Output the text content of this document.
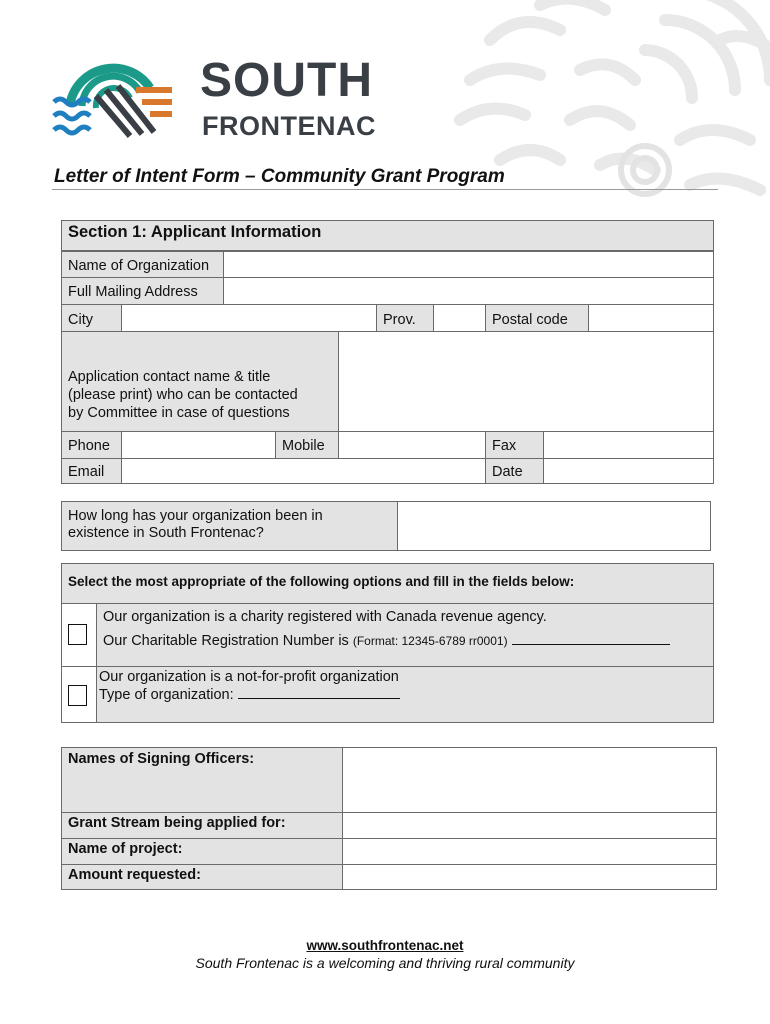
SOUTH
FRONTENAC
Letter of Intent Form – Community Grant Program
Section 1: Applicant Information
Name of Organization
Full Mailing Address
City	Prov.	Postal code
Application contact name & title
(please print) who can be contacted
by Committee in case of questions
Phone	Mobile	Fax
Email	Date
How long has your organization been in
existence in South Frontenac?
Select the most appropriate of the following options and fill in the fields below:
Our organization is a charity registered with Canada revenue agency.
Our Charitable Registration Number is (Format: 12345-6789 rr0001)
Our organization is a not-for-profit organization
Type of organization:
Names of Signing Officers:
Grant Stream being applied for:
Name of project:
Amount requested:
www.southfrontenac.net
South Frontenac is a welcoming and thriving rural community
